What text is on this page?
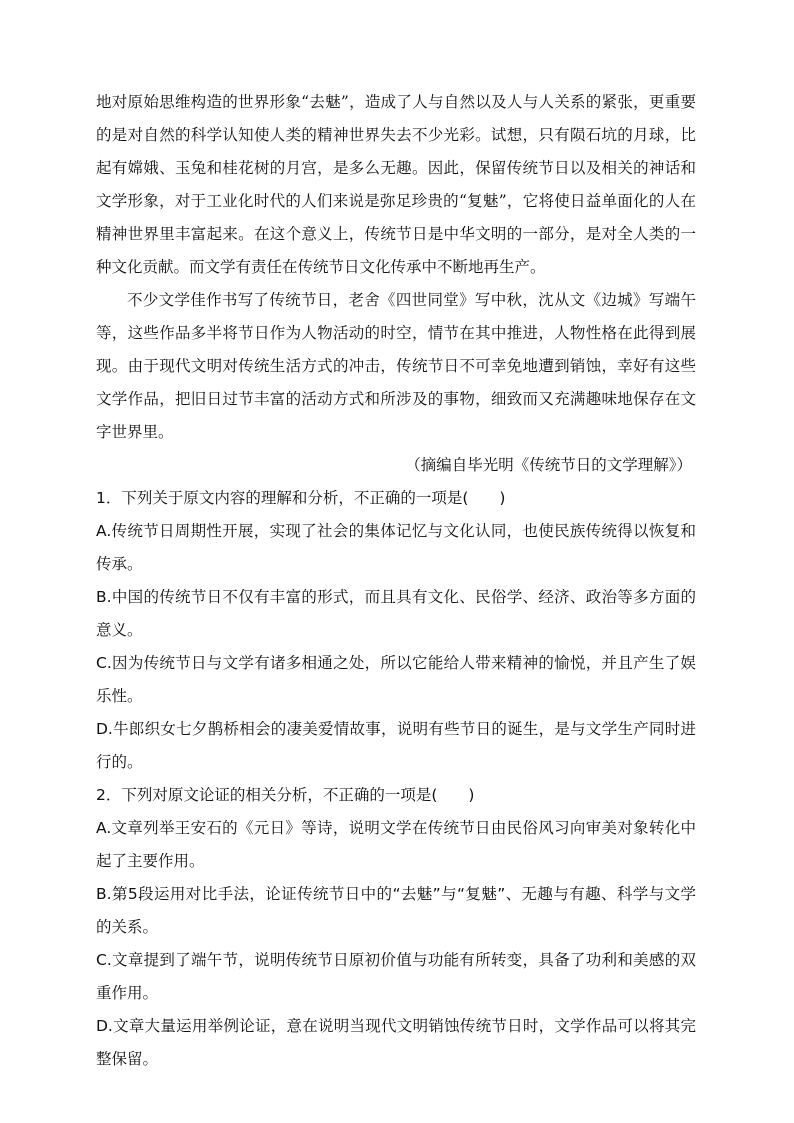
地对原始思维构造的世界形象“去魅”，造成了人与自然以及人与人关系的紧张，更重要的是对自然的科学认知使人类的精神世界失去不少光彩。试想，只有陨石坑的月球，比起有嫦娥、玉兔和桂花树的月宫，是多么无趣。因此，保留传统节日以及相关的神话和文学形象，对于工业化时代的人们来说是弥足珍贵的“复魅”，它将使日益单面化的人在精神世界里丰富起来。在这个意义上，传统节日是中华文明的一部分，是对全人类的一种文化贡献。而文学有责任在传统节日文化传承中不断地再生产。

不少文学佳作书写了传统节日，老舍《四世同堂》写中秋，沈从文《边城》写端午等，这些作品多半将节日作为人物活动的时空，情节在其中推进，人物性格在此得到展现。由于现代文明对传统生活方式的冲击，传统节日不可幸免地遭到销蚀，幸好有这些文学作品，把旧日过节丰富的活动方式和所涉及的事物，细致而又充满趣味地保存在文字世界里。

（摘编自毕光明《传统节日的文学理解》）

1．下列关于原文内容的理解和分析，不正确的一项是(　　)

A.传统节日周期性开展，实现了社会的集体记忆与文化认同，也使民族传统得以恢复和传承。

B.中国的传统节日不仅有丰富的形式，而且具有文化、民俗学、经济、政治等多方面的意义。

C.因为传统节日与文学有诸多相通之处，所以它能给人带来精神的愉悦，并且产生了娱乐性。

D.牛郎织女七夕鹊桥相会的凄美爱情故事，说明有些节日的诞生，是与文学生产同时进行的。

2．下列对原文论证的相关分析，不正确的一项是(　　)

A.文章列举王安石的《元日》等诗，说明文学在传统节日由民俗风习向审美对象转化中起了主要作用。

B.第5段运用对比手法，论证传统节日中的“去魅”与“复魅”、无趣与有趣、科学与文学的关系。

C.文章提到了端午节，说明传统节日原初价值与功能有所转变，具备了功利和美感的双重作用。

D.文章大量运用举例论证，意在说明当现代文明销蚀传统节日时，文学作品可以将其完整保留。
